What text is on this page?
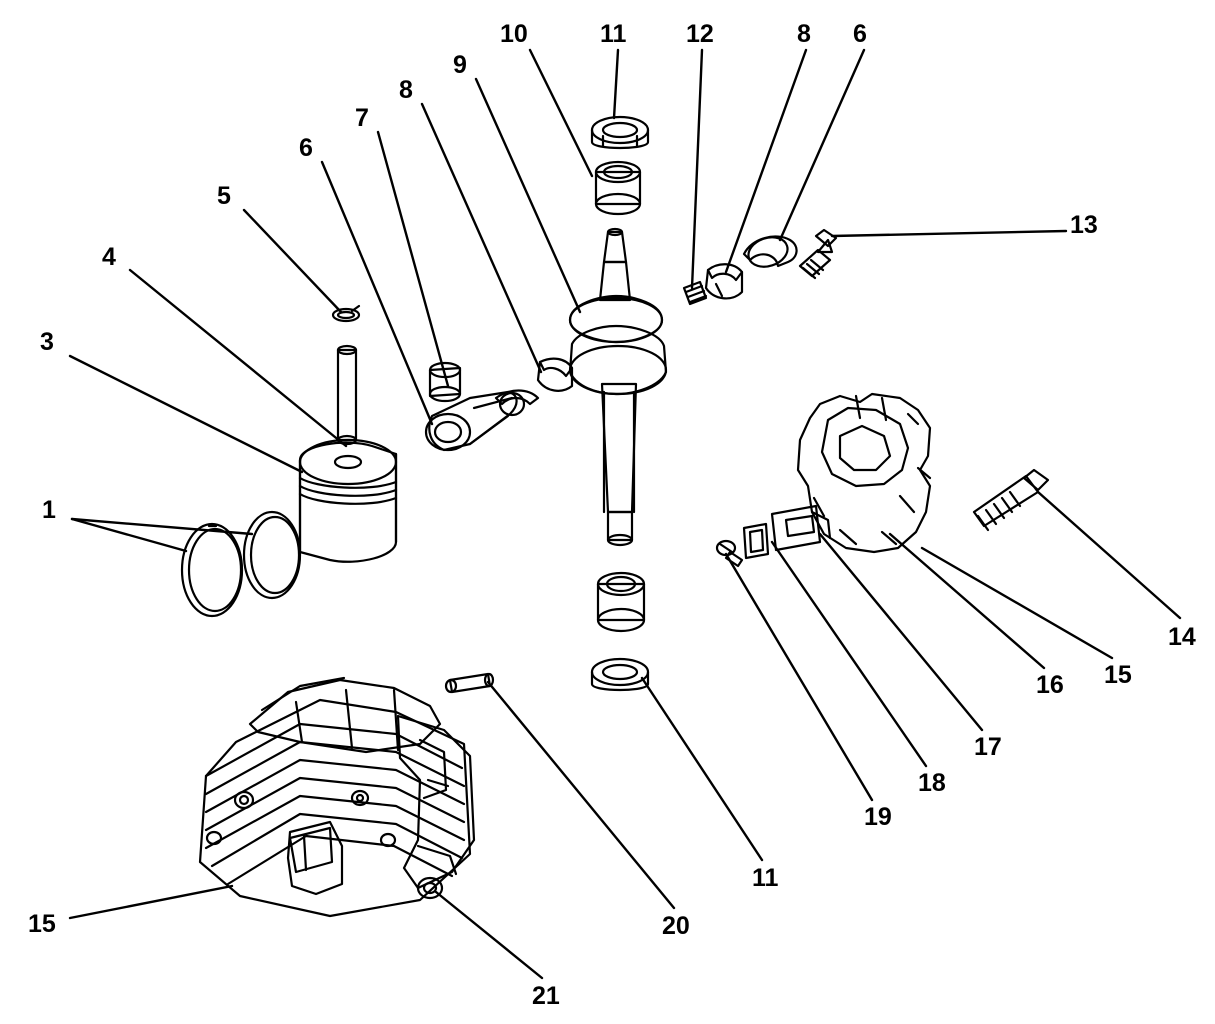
1
3
4
5
6
7
8
9
10	11 12	8 6
13
14
15
16
17
18
19
11
20
21
15
